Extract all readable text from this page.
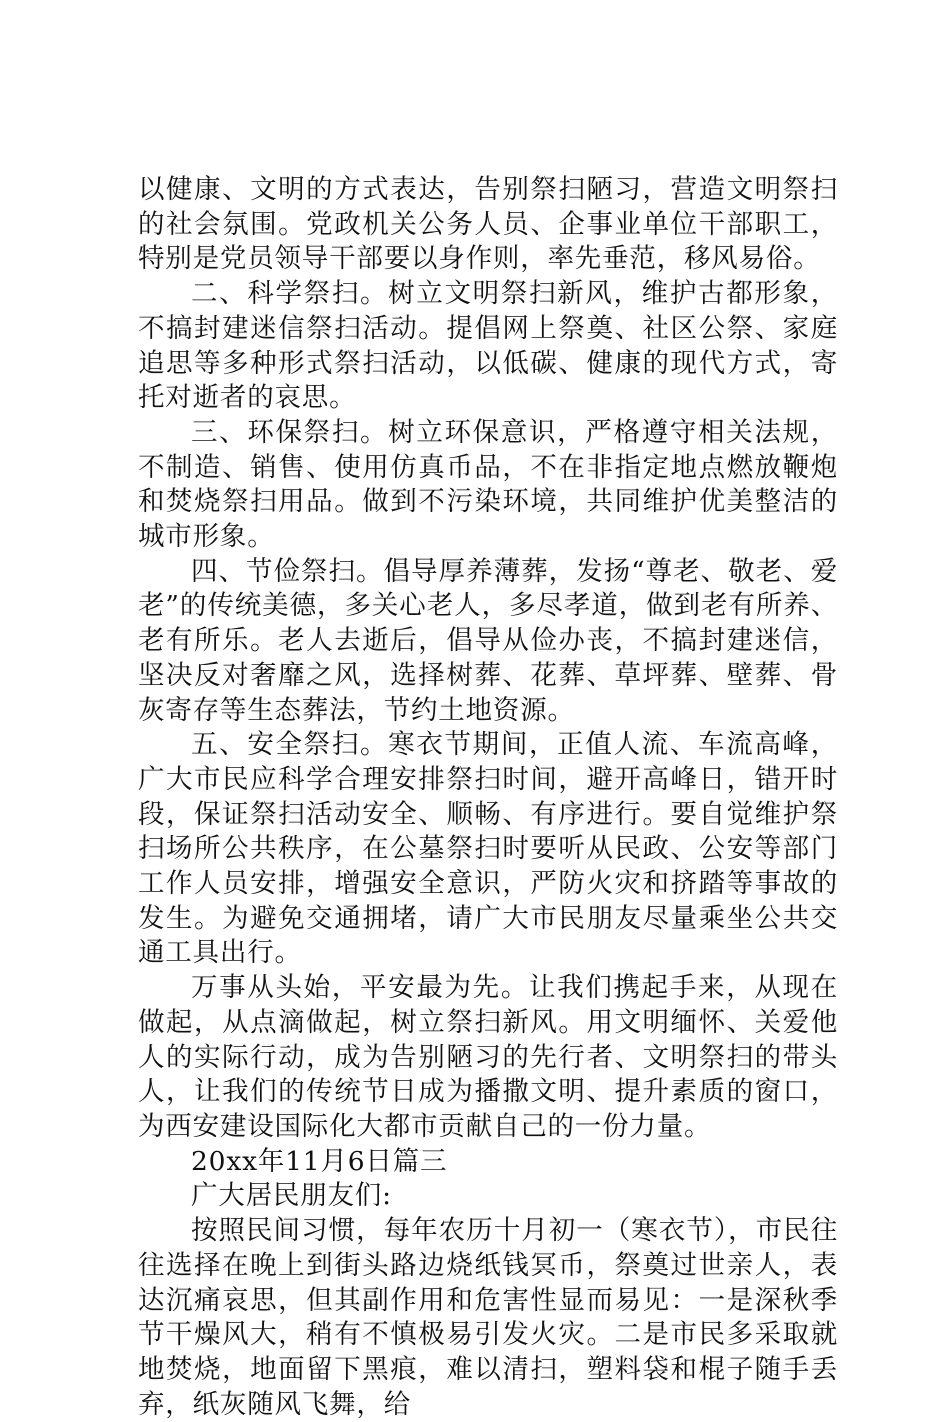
以健康、文明的方式表达，告别祭扫陋习，营造文明祭扫的社会氛围。党政机关公务人员、企事业单位干部职工，特别是党员领导干部要以身作则，率先垂范，移风易俗。

二、科学祭扫。树立文明祭扫新风，维护古都形象，不搞封建迷信祭扫活动。提倡网上祭奠、社区公祭、家庭追思等多种形式祭扫活动，以低碳、健康的现代方式，寄托对逝者的哀思。

三、环保祭扫。树立环保意识，严格遵守相关法规，不制造、销售、使用仿真币品，不在非指定地点燃放鞭炮和焚烧祭扫用品。做到不污染环境，共同维护优美整洁的城市形象。

四、节俭祭扫。倡导厚养薄葬，发扬“尊老、敬老、爱老”的传统美德，多关心老人，多尽孝道，做到老有所养、老有所乐。老人去逝后，倡导从俭办丧，不搞封建迷信，坚决反对奢靡之风，选择树葬、花葬、草坪葬、壁葬、骨灰寄存等生态葬法，节约土地资源。

五、安全祭扫。寒衣节期间，正值人流、车流高峰，广大市民应科学合理安排祭扫时间，避开高峰日，错开时段，保证祭扫活动安全、顺畅、有序进行。要自觉维护祭扫场所公共秩序，在公墓祭扫时要听从民政、公安等部门工作人员安排，增强安全意识，严防火灾和挤踏等事故的发生。为避免交通拥堵，请广大市民朋友尽量乘坐公共交通工具出行。

万事从头始，平安最为先。让我们携起手来，从现在做起，从点滴做起，树立祭扫新风。用文明缅怀、关爱他人的实际行动，成为告别陋习的先行者、文明祭扫的带头人，让我们的传统节日成为播撒文明、提升素质的窗口，为西安建设国际化大都市贡献自己的一份力量。

20xx年11月6日篇三

广大居民朋友们:

按照民间习惯，每年农历十月初一（寒衣节），市民往往选择在晚上到街头路边烧纸钱冥币，祭奠过世亲人，表达沉痛哀思，但其副作用和危害性显而易见：一是深秋季节干燥风大，稍有不慎极易引发火灾。二是市民多采取就地焚烧，地面留下黑痕，难以清扫，塑料袋和棍子随手丢弃，纸灰随风飞舞，给
